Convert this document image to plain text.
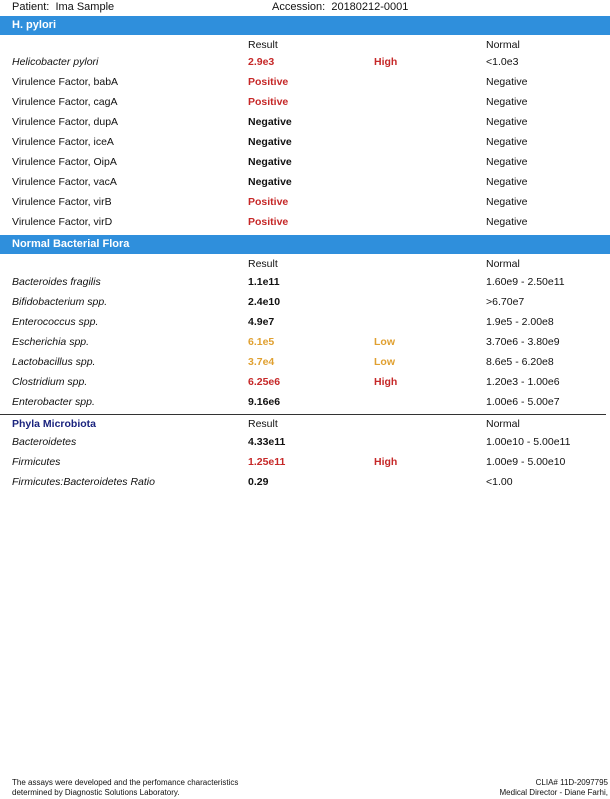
Patient: Ima Sample	Accession: 20180212-0001
H. pylori
Result	Normal
Helicobacter pylori	2.9e3	High	<1.0e3
Virulence Factor, babA	Positive	Negative
Virulence Factor, cagA	Positive	Negative
Virulence Factor, dupA	Negative	Negative
Virulence Factor, iceA	Negative	Negative
Virulence Factor, OipA	Negative	Negative
Virulence Factor, vacA	Negative	Negative
Virulence Factor, virB	Positive	Negative
Virulence Factor, virD	Positive	Negative
Normal Bacterial Flora
Result	Normal
Bacteroides fragilis	1.1e11	1.60e9 - 2.50e11
Bifidobacterium spp.	2.4e10	>6.70e7
Enterococcus spp.	4.9e7	1.9e5 - 2.00e8
Escherichia spp.	6.1e5	Low	3.70e6 - 3.80e9
Lactobacillus spp.	3.7e4	Low	8.6e5 - 6.20e8
Clostridium spp.	6.25e6	High	1.20e3 - 1.00e6
Enterobacter spp.	9.16e6	1.00e6 - 5.00e7
Phyla Microbiota	Result	Normal
Bacteroidetes	4.33e11	1.00e10 - 5.00e11
Firmicutes	1.25e11	High	1.00e9 - 5.00e10
Firmicutes:Bacteroidetes Ratio	0.29	<1.00
The assays were developed and the perfomance characteristics
determined by Diagnostic Solutions Laboratory.
CLIA# 11D-2097795
Medical Director - Diane Farhi,
